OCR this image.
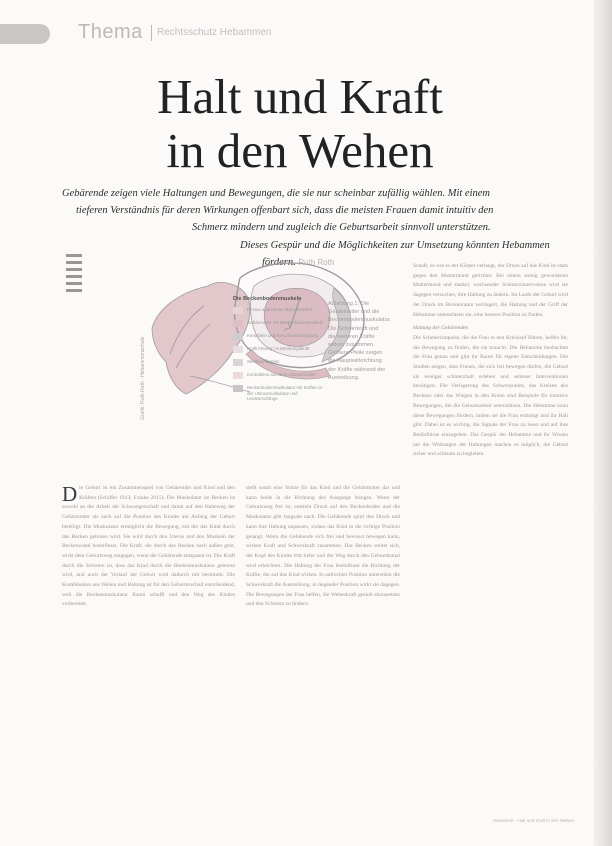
Thema Rechtsschutz Hebammen
Halt und Kraft
in den Wehen
Gebärende zeigen viele Haltungen und Bewegungen, die sie nur scheinbar zufällig wählen. Mit einem
tieferen Verständnis für deren Wirkungen offenbart sich, dass die meisten Frauen damit intuitiv den
Schmerz mindern und zugleich die Geburtsarbeit sinnvoll unterstützen.
Dieses Gespür und die Möglichkeiten zur Umsetzung könnten Hebammen
fördern. Ruth Roth
Grafik: Ruth Roth · Hebammenschule
Die Beckenbodenmuskeln
Rectus abdominis / Bauchmuskel
Gebärmutter mit Beckenbodenmuskeln
Kreuzbein und Kreuzbeinverbindung
Kraftrichtung / Austreibungskraft
Steißbeinfixation
Kontraktion aus dem Uterusmuskel
Beckenbodenmuskulatur mit Kräften in der Uterusmuskulatur und Levatorschlinge
Abbildung 1: Die Gebärmutter und die Beckenbodenmuskulatur. Die Schwerkraft und die weiteren Kräfte wirken zusammen. Größere Pfeile zeigen die Hauptwirkrichtung der Kräfte während der Austreibung.
D ie Geburt ist ein Zusammenspiel von Gebärender und Kind und den Kräften (Schiffer 1913; Franke 2015). Die Muskulatur im Becken ist sowohl an der Arbeit der Schwangerschaft und damit auf den Halteweg der Gebärmutter als auch auf die Position des Kindes am Anfang der Geburt beteiligt. Die Muskulatur ermöglicht die Bewegung, mit der das Kind durch das Becken geboren wird. Sie wird durch den Uterus und den Muskeln der Beckenwand beeinflusst. Die Kraft, die durch das Becken nach außen geht, wirkt dem Geburtsweg entgegen, wenn die Gebärende entspannt ist. Die Kraft durch die Schwere ist, dass das Kind durch die Beckenmuskulatur geboren wird, und auch der Verlauf der Geburt wird dadurch mit bestimmt. Die Kombination aus Wehen und Haltung ist für den Geburtsverlauf entscheidend, weil die Beckenmuskulatur Raum schafft und den Weg des Kindes vorbereitet.

stellt somit eine Stütze für das Kind und die Gebärmutter dar und kann beide in die Richtung des Ausgangs bringen. Wenn der Geburtsweg frei ist, entsteht Druck auf den Beckenboden und die Muskulatur gibt langsam nach. Die Gebärende spürt den Druck und kann ihre Haltung anpassen, sodass das Kind in die richtige Position gelangt. Wenn die Gebärende sich frei und bewusst bewegen kann, wirken Kraft und Schwerkraft zusammen. Das Becken weitet sich, der Kopf des Kindes tritt tiefer und der Weg durch den Geburtskanal wird erleichtert. Die Haltung der Frau beeinflusst die Richtung der Kräfte, die auf das Kind wirken. In aufrechter Position unterstützt die Schwerkraft die Austreibung, in liegender Position wirkt sie dagegen. Die Bewegungen der Frau helfen, die Wehenkraft gezielt einzusetzen und den Schmerz zu lindern.

Schaft, so wie es der Körper verlangt, der Druck auf das Kind ist stark gegen den Muttermund gerichtet. Bei einem wenig gewordenen Muttermund und starker, wachsender Schmerzinnervation wird sie dagegen versuchen, ihre Haltung zu ändern. Im Laufe der Geburt wird der Druck im Beckenraum verringert, die Haltung und der Griff der Hebamme unterstützen sie, eine bessere Position zu finden.

Haltung der Gebärenden

Die Schmerzimpulse, die die Frau in den Kreislauf führen, helfen ihr, die Bewegung zu finden, die sie braucht. Die Hebamme beobachtet die Frau genau und gibt ihr Raum für eigene Entscheidungen. Die Studien zeigen, dass Frauen, die sich frei bewegen dürfen, die Geburt als weniger schmerzhaft erleben und seltener Interventionen benötigen. Die Verlagerung des Schwerpunkts, das Kreisen des Beckens oder das Wiegen in den Knien sind Beispiele für intuitive Bewegungen, die die Geburtsarbeit unterstützen. Die Hebamme kann diese Bewegungen fördern, indem sie die Frau ermutigt und ihr Halt gibt. Dabei ist es wichtig, die Signale der Frau zu lesen und auf ihre Bedürfnisse einzugehen. Das Gespür der Hebamme und ihr Wissen um die Wirkungen der Haltungen machen es möglich, die Geburt sicher und achtsam zu begleiten.

Hebamme · Halt und Kraft in den Wehen
